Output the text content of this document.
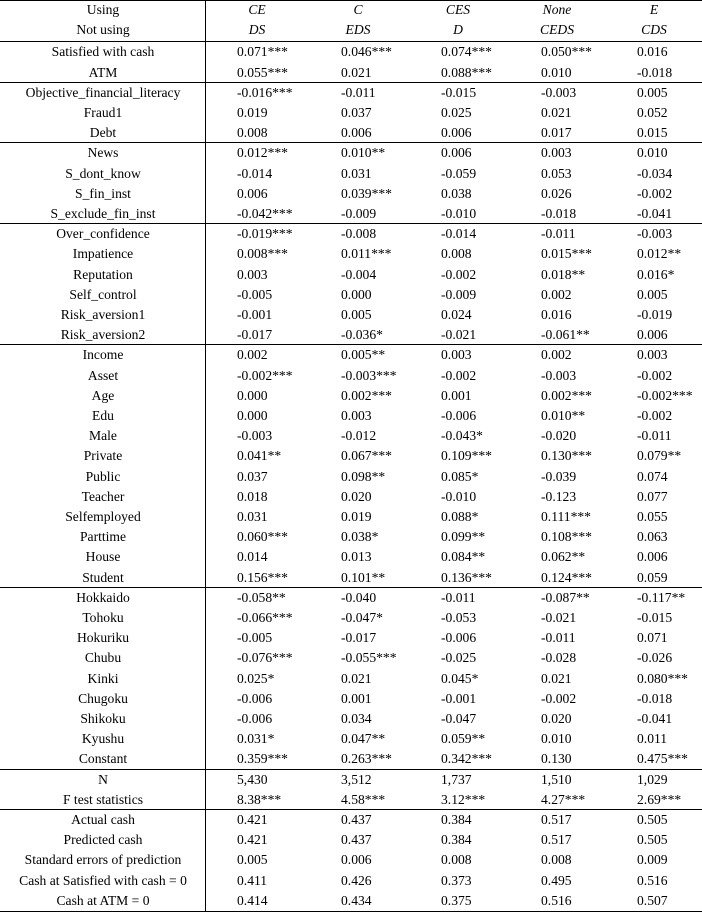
Using	CE	C	CES	None	E
Not using	DS	EDS	D	CEDS	CDS
Satisfied with cash	0.071***	0.046***	0.074***	0.050***	0.016
ATM	0.055***	0.021	0.088***	0.010	-0.018
Objective_financial_literacy	-0.016***	-0.011	-0.015	-0.003	0.005
Fraud1	0.019	0.037	0.025	0.021	0.052
Debt	0.008	0.006	0.006	0.017	0.015
News	0.012***	0.010**	0.006	0.003	0.010
S_dont_know	-0.014	0.031	-0.059	0.053	-0.034
S_fin_inst	0.006	0.039***	0.038	0.026	-0.002
S_exclude_fin_inst	-0.042***	-0.009	-0.010	-0.018	-0.041
Over_confidence	-0.019***	-0.008	-0.014	-0.011	-0.003
Impatience	0.008***	0.011***	0.008	0.015***	0.012**
Reputation	0.003	-0.004	-0.002	0.018**	0.016*
Self_control	-0.005	0.000	-0.009	0.002	0.005
Risk_aversion1	-0.001	0.005	0.024	0.016	-0.019
Risk_aversion2	-0.017	-0.036*	-0.021	-0.061**	0.006
Income	0.002	0.005**	0.003	0.002	0.003
Asset	-0.002***	-0.003***	-0.002	-0.003	-0.002
Age	0.000	0.002***	0.001	0.002***	-0.002***
Edu	0.000	0.003	-0.006	0.010**	-0.002
Male	-0.003	-0.012	-0.043*	-0.020	-0.011
Private	0.041**	0.067***	0.109***	0.130***	0.079**
Public	0.037	0.098**	0.085*	-0.039	0.074
Teacher	0.018	0.020	-0.010	-0.123	0.077
Selfemployed	0.031	0.019	0.088*	0.111***	0.055
Parttime	0.060***	0.038*	0.099**	0.108***	0.063
House	0.014	0.013	0.084**	0.062**	0.006
Student	0.156***	0.101**	0.136***	0.124***	0.059
Hokkaido	-0.058**	-0.040	-0.011	-0.087**	-0.117**
Tohoku	-0.066***	-0.047*	-0.053	-0.021	-0.015
Hokuriku	-0.005	-0.017	-0.006	-0.011	0.071
Chubu	-0.076***	-0.055***	-0.025	-0.028	-0.026
Kinki	0.025*	0.021	0.045*	0.021	0.080***
Chugoku	-0.006	0.001	-0.001	-0.002	-0.018
Shikoku	-0.006	0.034	-0.047	0.020	-0.041
Kyushu	0.031*	0.047**	0.059**	0.010	0.011
Constant	0.359***	0.263***	0.342***	0.130	0.475***
N	5,430	3,512	1,737	1,510	1,029
F test statistics	8.38***	4.58***	3.12***	4.27***	2.69***
Actual cash	0.421	0.437	0.384	0.517	0.505
Predicted cash	0.421	0.437	0.384	0.517	0.505
Standard errors of prediction	0.005	0.006	0.008	0.008	0.009
Cash at Satisfied with cash = 0	0.411	0.426	0.373	0.495	0.516
Cash at ATM = 0	0.414	0.434	0.375	0.516	0.507
